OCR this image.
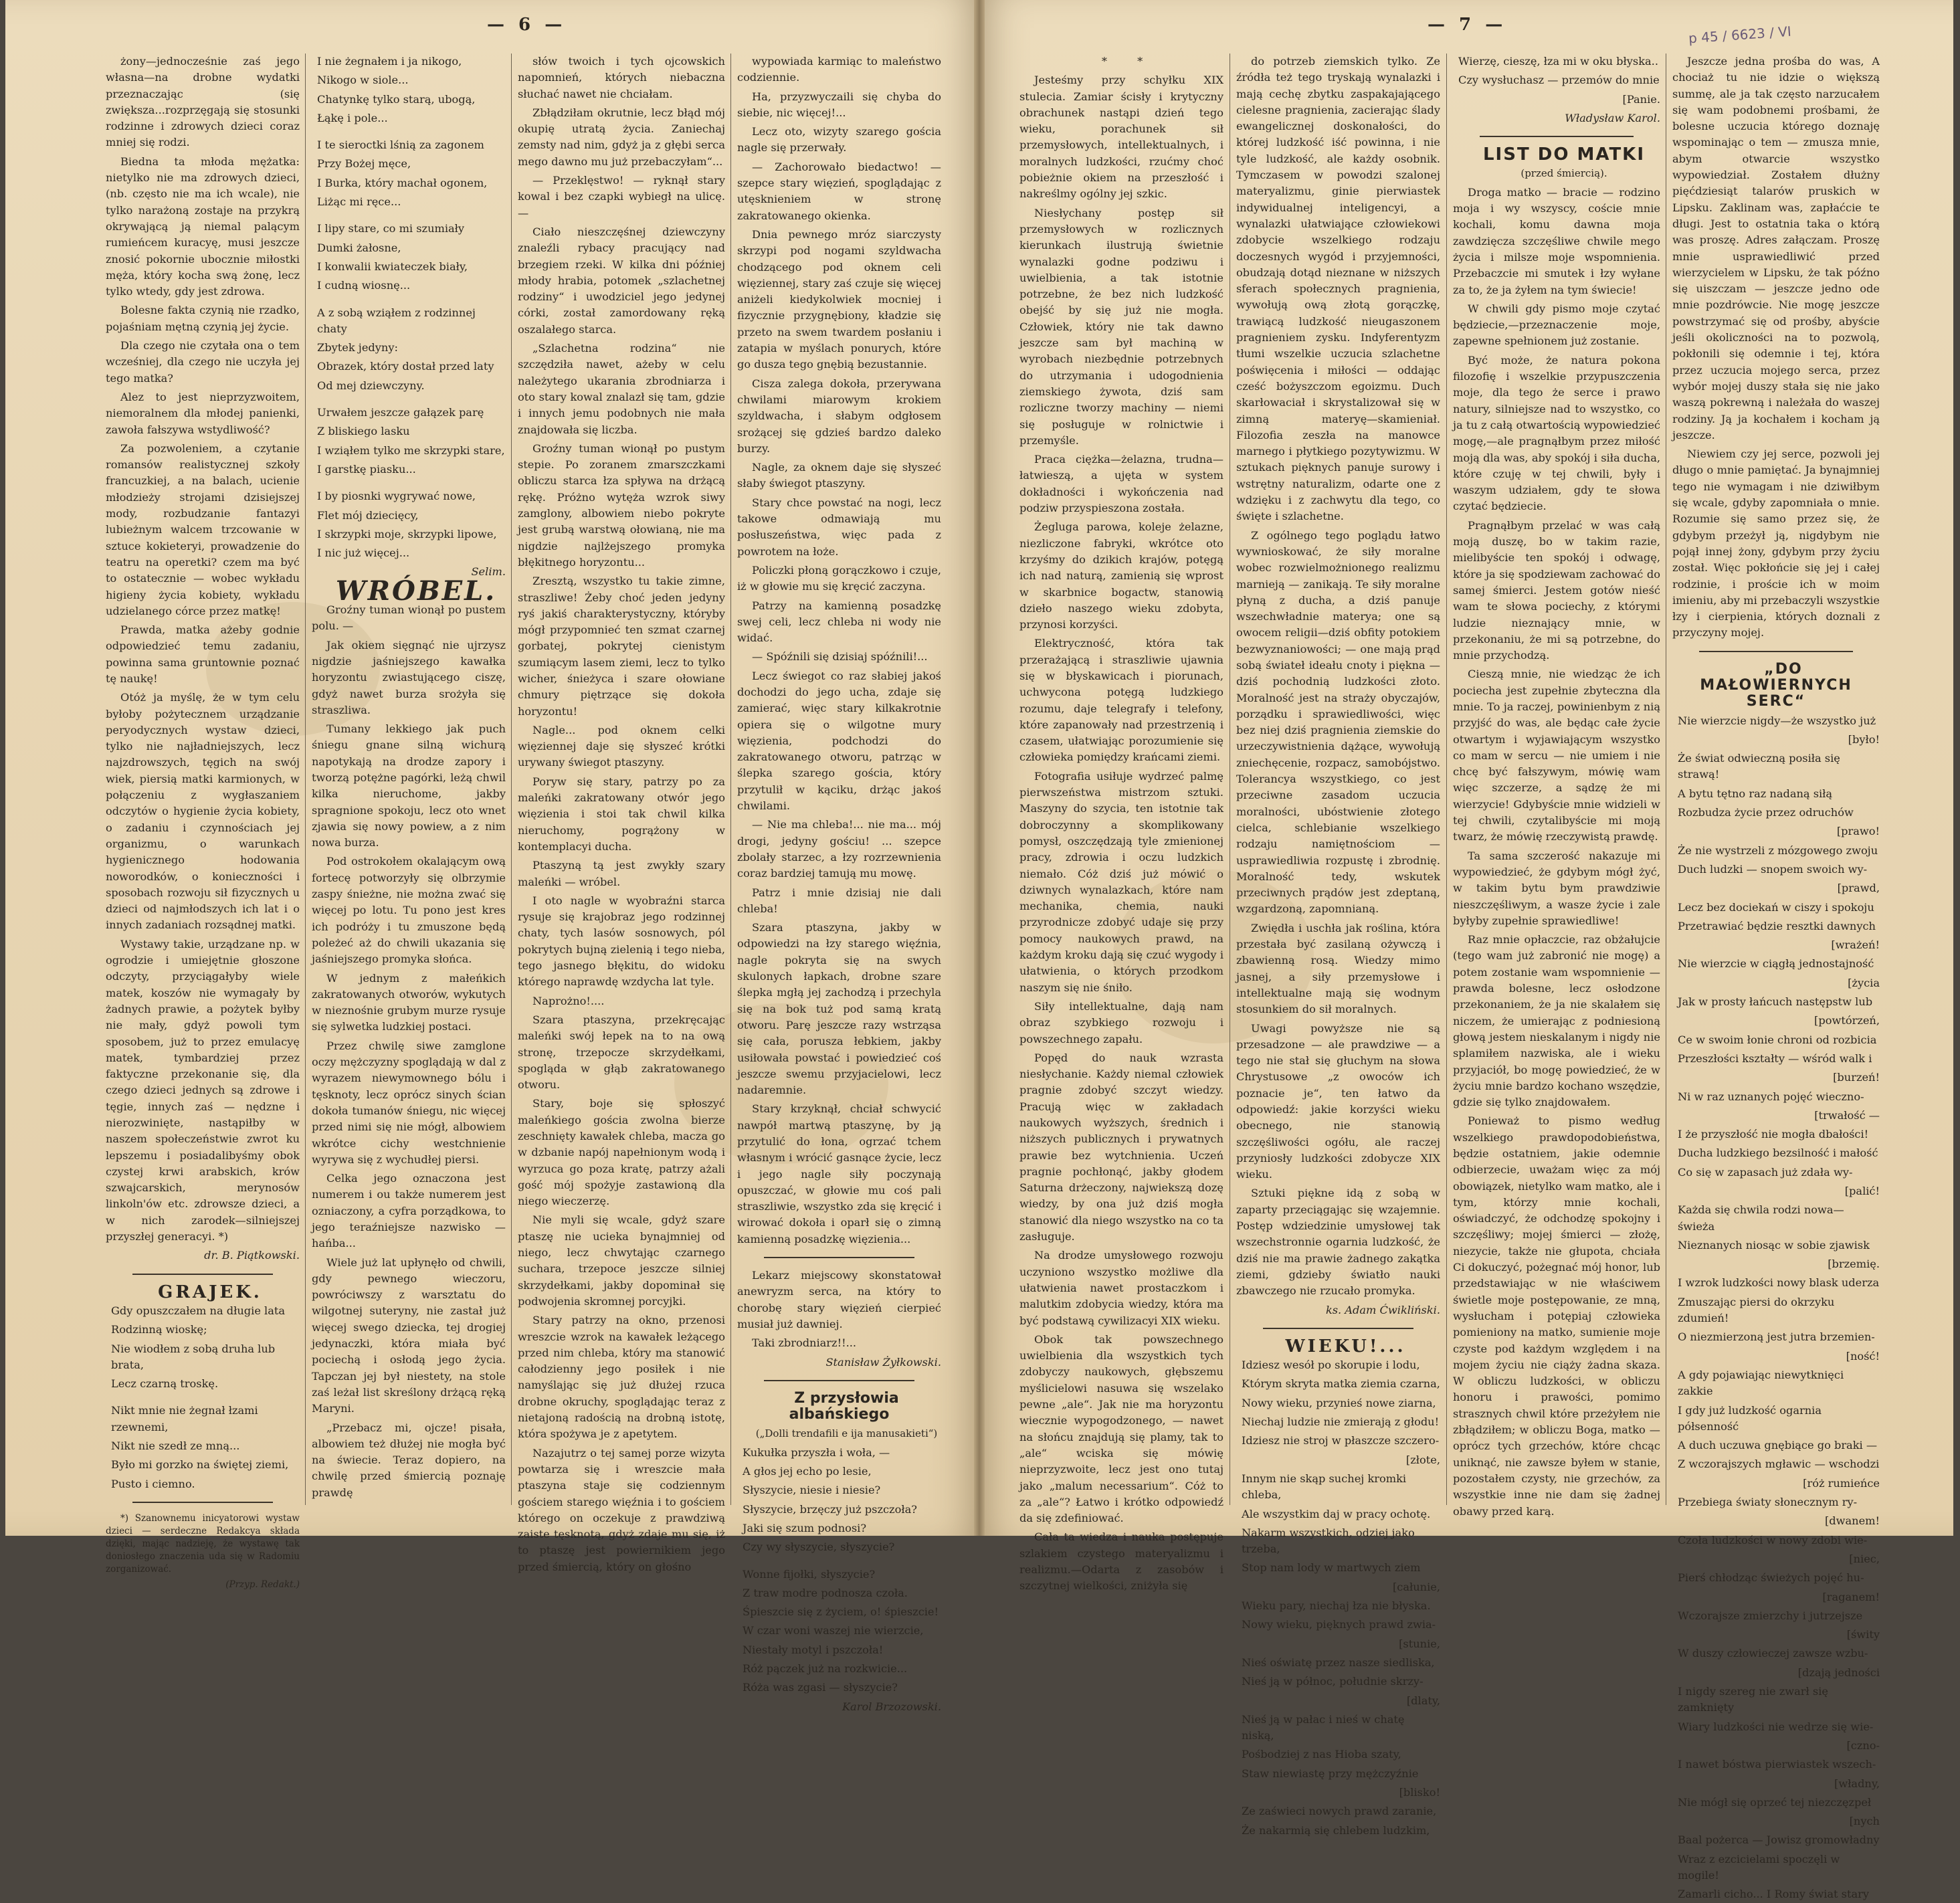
— 6 —

żony—jednocześnie zaś jego własna—na drobne wydatki przeznaczając (się zwiększa...rozprzęgają się stosunki rodzinne i zdrowych dzieci coraz mniej się rodzi.

Biedna ta młoda mężatka: nietylko nie ma zdrowych dzieci, (nb. często nie ma ich wcale), nie tylko narażoną zostaje na przykrą okrywającą ją niemal palącym rumieńcem kuracyę, musi jeszcze znosić pokornie ubocznie miłostki męża, który kocha swą żonę, lecz tylko wtedy, gdy jest zdrowa.

Bolesne fakta czynią nie rzadko, pojaśniam mętną czynią jej życie.

Dla czego nie czytała ona o tem wcześniej, dla czego nie uczyła jej tego matka?

Alez to jest nieprzyzwoitem, niemoralnem dla młodej panienki, zawoła fałszywa wstydliwość?

Za pozwoleniem, a czytanie romansów realistycznej szkoły francuzkiej, a na balach, ucienie młodzieży strojami dzisiejszej mody, rozbudzanie fantazyi lubieżnym walcem trzcowanie w sztuce kokieteryi, prowadzenie do teatru na operetki? czem ma być to ostatecznie — wobec wykładu higieny życia kobiety, wykładu udzielanego córce przez matkę!

Prawda, matka ażeby godnie odpowiedzieć temu zadaniu, powinna sama gruntownie poznać tę naukę!

Otóż ja myślę, że w tym celu byłoby pożytecznem urządzanie peryodycznych wystaw dzieci, tylko nie najładniejszych, lecz najzdrowszych, tęgich na swój wiek, piersią matki karmionych, w połączeniu z wygłaszaniem odczytów o hygienie życia kobiety, o zadaniu i czynnościach jej organizmu, o warunkach hygienicznego hodowania noworodków, o konieczności i sposobach rozwoju sił fizycznych u dzieci od najmłodszych ich lat i o innych zadaniach rozsądnej matki.

Wystawy takie, urządzane np. w ogrodzie i umiejętnie głoszone odczyty, przyciągałyby wiele matek, koszów nie wymagały by żadnych prawie, a pożytek byłby nie mały, gdyż powoli tym sposobem, już to przez emulacyę matek, tymbardziej przez faktyczne przekonanie się, dla czego dzieci jednych są zdrowe i tęgie, innych zaś — nędzne i nierozwinięte, nastąpiłby w naszem społeczeństwie zwrot ku lepszemu i posiadalibyśmy obok czystej krwi arabskich, krów szwajcarskich, merynosów linkoln'ów etc. zdrowsze dzieci, a w nich zarodek—silniejszej przyszłej generacyi. *)

dr. B. Piątkowski.

GRAJEK.

Gdy opuszczałem na długie lata

Rodzinną wioskę;

Nie wiodłem z sobą druha lub brata,

Lecz czarną troskę.

Nikt mnie nie żegnał łzami rzewnemi,

Nikt nie szedł ze mną...

Było mi gorzko na świętej ziemi,

Pusto i ciemno.

*) Szanownemu inicyatorowi wystaw dzieci — serdeczne Redakcya składa dzięki, mając nadzieję, że wystawę tak doniosłego znaczenia uda się w Radomiu zorganizować.

(Przyp. Redakt.)

I nie żegnałem i ja nikogo,

Nikogo w siole...

Chatynkę tylko starą, ubogą,

Łąkę i pole...

I te sieroctki lśnią za zagonem

Przy Bożej męce,

I Burka, który machał ogonem,

Liżąc mi ręce...

I lipy stare, co mi szumiały

Dumki żałosne,

I konwalii kwiateczek biały,

I cudną wiosnę...

A z sobą wziąłem z rodzinnej chaty

Zbytek jedyny:

Obrazek, który dostał przed laty

Od mej dziewczyny.

Urwałem jeszcze gałązek parę

Z bliskiego lasku

I wziąłem tylko me skrzypki stare,

I garstkę piasku...

I by piosnki wygrywać nowe,

Flet mój dziecięcy,

I skrzypki moje, skrzypki lipowe,

I nic już więcej...

Selim.

WRÓBEL.

Groźny tuman wionął po pustem polu. —

Jak okiem sięgnąć nie ujrzysz nigdzie jaśniejszego kawałka horyzontu zwiastującego ciszę, gdyż nawet burza srożyła się straszliwa.

Tumany lekkiego jak puch śniegu gnane silną wichurą napotykają na drodze zapory i tworzą potężne pagórki, leżą chwil kilka nieruchome, jakby spragnione spokoju, lecz oto wnet zjawia się nowy powiew, a z nim nowa burza.

Pod ostrokołem okalającym ową fortecę potworzyły się olbrzymie zaspy śnieżne, nie można zwać się więcej po lotu. Tu pono jest kres ich podróży i tu zmuszone będą poleżeć aż do chwili ukazania się jaśniejszego promyka słońca.

W jednym z małeńkich zakratowanych otworów, wykutych w nieznośnie grubym murze rysuje się sylwetka ludzkiej postaci.

Przez chwilę siwe zamglone oczy mężczyzny spoglądają w dal z wyrazem niewymownego bólu i tęsknoty, lecz oprócz sinych ścian dokoła tumanów śniegu, nic więcej przed nimi się nie mógł, albowiem wkrótce cichy westchnienie wyrywa się z wychudłej piersi.

Celka jego oznaczona jest numerem i ou także numerem jest ozniaczony, a cyfra porządkowa, to jego teraźniejsze nazwisko — hańba...

Wiele już lat upłynęło od chwili, gdy pewnego wieczoru, powróciwszy z warsztatu do wilgotnej suteryny, nie zastał już więcej swego dziecka, tej drogiej jedynaczki, która miała być pociechą i osłodą jego życia. Tapczan jej był niestety, na stole zaś leżał list skreślony drżącą ręką Maryni.

„Przebacz mi, ojcze! pisała, albowiem też dłużej nie mogła być na świecie. Teraz dopiero, na chwilę przed śmiercią poznaję prawdę

słów twoich i tych ojcowskich napomnień, których niebaczna słuchać nawet nie chciałam.

Zbłądziłam okrutnie, lecz błąd mój okupię utratą życia. Zaniechaj zemsty nad nim, gdyż ja z głębi serca mego dawno mu już przebaczyłam“...

— Przeklęstwo! — ryknął stary kowal i bez czapki wybiegł na ulicę. —

Ciało nieszczęśnej dziewczyny znaleźli rybacy pracujący nad brzegiem rzeki. W kilka dni później młody hrabia, potomek „szlachetnej rodziny“ i uwodziciel jego jedynej córki, został zamordowany ręką oszalałego starca.

„Szlachetna rodzina“ nie szczędziła nawet, ażeby w celu należytego ukarania zbrodniarza i oto stary kowal znalazł się tam, gdzie i innych jemu podobnych nie mała znajdowała się liczba.

Groźny tuman wionął po pustym stepie. Po zoranem zmarszczkami obliczu starca łza spływa na drżącą rękę. Próżno wytęża wzrok siwy zamglony, albowiem niebo pokryte jest grubą warstwą ołowianą, nie ma nigdzie najlżejszego promyka błękitnego horyzontu...

Zresztą, wszystko tu takie zimne, straszliwe! Żeby choć jeden jedyny ryś jakiś charakterystyczny, któryby mógł przypomnieć ten szmat czarnej gorbatej, pokrytej cienistym szumiącym lasem ziemi, lecz to tylko wicher, śnieżyca i szare ołowiane chmury piętrzące się dokoła horyzontu!

Nagle... pod oknem celki więziennej daje się słyszeć krótki urywany świegot ptaszyny.

Poryw się stary, patrzy po za maleńki zakratowany otwór jego więzienia i stoi tak chwil kilka nieruchomy, pogrążony w kontemplacyi ducha.

Ptaszyną tą jest zwykły szary maleńki — wróbel.

I oto nagle w wyobraźni starca rysuje się krajobraz jego rodzinnej chaty, tych lasów sosnowych, pól pokrytych bujną zielenią i tego nieba, tego jasnego błękitu, do widoku którego naprawdę wzdycha lat tyle.

Naprożno!....

Szara ptaszyna, przekręcając maleńki swój łepek na to na ową stronę, trzepocze skrzydełkami, spogląda w głąb zakratowanego otworu.

Stary, boje się spłoszyć maleńkiego gościa zwolna bierze zeschnięty kawałek chleba, macza go w dzbanie napój napełnionym wodą i wyrzuca go poza kratę, patrzy ażali gość mój spożyje zastawioną dla niego wieczerzę.

Nie myli się wcale, gdyż szare ptaszę nie ucieka bynajmniej od niego, lecz chwytając czarnego suchara, trzepoce jeszcze silniej skrzydełkami, jakby dopominał się podwojenia skromnej porcyjki.

Stary patrzy na okno, przenosi wreszcie wzrok na kawałek leżącego przed nim chleba, który ma stanowić całodzienny jego posiłek i nie namyślając się już dłużej rzuca drobne okruchy, spoglądając teraz z nietajoną radością na drobną istotę, która spożywa je z apetytem.

Nazajutrz o tej samej porze wizyta powtarza się i wreszcie mała ptaszyna staje się codziennym gościem starego więźnia i to gościem którego on oczekuje z prawdziwą zaiste tęsknotą, gdyż zdaje mu się, iż to ptaszę jest powiernikiem jego przed śmiercią, który on głośno

wypowiada karmiąc to maleństwo codziennie.

Ha, przyzwyczaili się chyba do siebie, nic więcej!...

Lecz oto, wizyty szarego gościa nagle się przerwały.

— Zachorowało biedactwo! — szepce stary więzień, spoglądając z utęsknieniem w stronę zakratowanego okienka.

Dnia pewnego mróz siarczysty skrzypi pod nogami szyldwacha chodzącego pod oknem celi więziennej, stary zaś czuje się więcej aniżeli kiedykolwiek mocniej i fizycznie przygnębiony, kładzie się przeto na swem twardem posłaniu i zatapia w myślach ponurych, które go dusza tego gnębią bezustannie.

Cisza zalega dokoła, przerywana chwilami miarowym krokiem szyldwacha, i słabym odgłosem srożącej się gdzieś bardzo daleko burzy.

Nagle, za oknem daje się słyszeć słaby świegot ptaszyny.

Stary chce powstać na nogi, lecz takowe odmawiają mu posłuszeństwa, więc pada z powrotem na łoże.

Policzki płoną gorączkowo i czuje, iż w głowie mu się kręcić zaczyna.

Patrzy na kamienną posadzkę swej celi, lecz chleba ni wody nie widać.

— Spóźnili się dzisiaj spóźnili!...

Lecz świegot co raz słabiej jakoś dochodzi do jego ucha, zdaje się zamierać, więc stary kilkakrotnie opiera się o wilgotne mury więzienia, podchodzi do zakratowanego otworu, patrząc w ślepka szarego gościa, który przytulił w kąciku, drżąc jakoś chwilami.

— Nie ma chleba!... nie ma... mój drogi, jedyny gościu! ... szepce zbolały starzec, a łzy rozrzewnienia coraz bardziej tamują mu mowę.

Patrz i mnie dzisiaj nie dali chleba!

Szara ptaszyna, jakby w odpowiedzi na łzy starego więźnia, nagle pokryta się na swych skulonych łapkach, drobne szare ślepka mgłą jej zachodzą i przechyla się na bok tuż pod samą kratą otworu. Parę jeszcze razy wstrząsa się cała, porusza łebkiem, jakby usiłowała powstać i powiedzieć coś jeszcze swemu przyjacielowi, lecz nadaremnie.

Stary krzyknął, chciał schwycić nawpół martwą ptaszynę, by ją przytulić do łona, ogrzać tchem własnym i wrócić gasnące życie, lecz i jego nagle siły poczynają opuszczać, w głowie mu coś pali straszliwie, wszystko zda się kręcić i wirować dokoła i oparł się o zimną kamienną posadzkę więzienia...

Lekarz miejscowy skonstatował anewryzm serca, na który to chorobę stary więzień cierpieć musiał już dawniej.

Taki zbrodniarz!!...

Stanisław Żyłkowski.

Z przysłowia albańskiego

(„Dolli trendafili e ija manusakieti“)

Kukułka przyszła i woła, —

A głos jej echo po lesie,

Słyszycie, niesie i niesie?

Słyszycie, brzęczy już pszczoła?

Jaki się szum podnosi?

Czy wy słyszycie, słyszycie?

Wonne fijołki, słyszycie?

Z traw modre podnosza czoła.

Śpieszcie się z życiem, o! śpieszcie!

W czar woni waszej nie wierzcie,

Niestały motyl i pszczoła!

Róż pączek już na rozkwicie...

Róża was zgasi — słyszycie?

Karol Brzozowski.

— 7 —	p 45 / 6623 / VI

* *

Jesteśmy przy schyłku XIX stulecia. Zamiar ścisły i krytyczny obrachunek nastąpi dzień tego wieku, porachunek sił przemysłowych, intellektualnych, i moralnych ludzkości, rzućmy choć pobieżnie okiem na przeszłość i nakreślmy ogólny jej szkic.

Niesłychany postęp sił przemysłowych w rozlicznych kierunkach ilustrują świetnie wynalazki godne podziwu i uwielbienia, a tak istotnie potrzebne, że bez nich ludzkość obejść by się już nie mogła. Człowiek, który nie tak dawno jeszcze sam był machiną w wyrobach niezbędnie potrzebnych do utrzymania i udogodnienia ziemskiego żywota, dziś sam rozliczne tworzy machiny — niemi się posługuje w rolnictwie i przemyśle.

Praca ciężka—żelazna, trudna—łatwieszą, a ujęta w system dokładności i wykończenia nad podziw przyspieszona została.

Żegluga parowa, koleje żelazne, niezliczone fabryki, wkrótce oto krzyśmy do dzikich krajów, potęgą ich nad naturą, zamienią się wprost w skarbnice bogactw, stanowią dzieło naszego wieku zdobyta, przynosi korzyści.

Elektryczność, która tak przerażającą i straszliwie ujawnia się w błyskawicach i piorunach, uchwycona potęgą ludzkiego rozumu, daje telegrafy i telefony, które zapanowały nad przestrzenią i czasem, ułatwiając porozumienie się człowieka pomiędzy krańcami ziemi.

Fotografia usiłuje wydrzeć palmę pierwszeństwa mistrzom sztuki. Maszyny do szycia, ten istotnie tak dobroczynny a skomplikowany pomysł, oszczędzają tyle zmienionej pracy, zdrowia i oczu ludzkich niemało. Cóż dziś już mówić o dziwnych wynalazkach, które nam mechanika, chemia, nauki przyrodnicze zdobyć udaje się przy pomocy naukowych prawd, na każdym kroku dają się czuć wygody i ułatwienia, o których przodkom naszym się nie śniło.

Siły intellektualne, dają nam obraz szybkiego rozwoju i powszechnego zapału.

Popęd do nauk wzrasta niesłychanie. Każdy niemal człowiek pragnie zdobyć szczyt wiedzy. Pracują więc w zakładach naukowych wyższych, średnich i niższych publicznych i prywatnych prawie bez wytchnienia. Uczeń pragnie pochłonąć, jakby głodem Saturna drżeczony, najwiekszą dozę wiedzy, by ona już dziś mogła stanowić dla niego wszystko na co ta zasługuje.

Na drodze umysłowego rozwoju uczyniono wszystko możliwe dla ułatwienia nawet prostaczkom i malutkim zdobycia wiedzy, która ma być podstawą cywilizacyi XIX wieku.

Obok tak powszechnego uwielbienia dla wszystkich tych zdobyczy naukowych, głębszemu myślicielowi nasuwa się wszelako pewne „ale“. Jak nie ma horyzontu wiecznie wypogodzonego, — nawet na słońcu znajdują się plamy, tak to „ale“ wciska się mówię nieprzyzwoite, lecz jest ono tutaj jako „malum necessarium“. Cóż to za „ale“? Łatwo i krótko odpowiedź da się zdefiniować.

Cała ta wiedza i nauka postępuje szlakiem czystego materyalizmu i realizmu.—Odarta z zasobów i szczytnej wielkości, zniżyła się

do potrzeb ziemskich tylko. Ze źródła też tego tryskają wynalazki i mają cechę zbytku zaspakajającego cielesne pragnienia, zacierając ślady ewangelicznej doskonałości, do której ludzkość iść powinna, i nie tyle ludzkość, ale każdy osobnik. Tymczasem w powodzi szalonej materyalizmu, ginie pierwiastek indywidualnej inteligencyi, a wynalazki ułatwiające człowiekowi zdobycie wszelkiego rodzaju doczesnych wygód i przyjemności, obudzają dotąd nieznane w niższych sferach społecznych pragnienia, wywołują ową złotą gorączkę, trawiącą ludzkość nieugaszonem pragnieniem zysku. Indyferentyzm tłumi wszelkie uczucia szlachetne poświęcenia i miłości — oddając cześć bożyszczom egoizmu. Duch skarłowaciał i skrystalizował się w zimną materyę—skamieniał. Filozofia zeszła na manowce marnego i płytkiego pozytywizmu. W sztukach pięknych panuje surowy i wstrętny naturalizm, odarte one z wdzięku i z zachwytu dla tego, co święte i szlachetne.

Z ogólnego tego poglądu łatwo wywnioskować, że siły moralne wobec rozwielmożnionego realizmu marnieją — zanikają. Te siły moralne płyną z ducha, a dziś panuje wszechwładnie materya; one są owocem religii—dziś obfity potokiem bezwyznaniowości; — one mają prąd sobą świateł ideału cnoty i piękna — dziś pochodnią ludzkości złoto. Moralność jest na straży obyczajów, porządku i sprawiedliwości, więc bez niej dziś pragnienia ziemskie do urzeczywistnienia dążące, wywołują zniechęcenie, rozpacz, samobójstwo. Tolerancya wszystkiego, co jest przeciwne zasadom uczucia moralności, ubóstwienie złotego cielca, schlebianie wszelkiego rodzaju namiętnościom — usprawiedliwia rozpustę i zbrodnię. Moralność tedy, wskutek przeciwnych prądów jest zdeptaną, wzgardzoną, zapomnianą.

Zwiędła i uschła jak roślina, która przestała być zasilaną ożywczą i zbawienną rosą. Wiedzy mimo jasnej, a siły przemysłowe i intellektualne mają się wodnym stosunkiem do sił moralnych.

Uwagi powyższe nie są przesadzone — ale prawdziwe — a tego nie stał się głuchym na słowa Chrystusowe „z owoców ich poznacie je“, ten łatwo da odpowiedź: jakie korzyści wieku obecnego, nie stanowią szczęśliwości ogółu, ale raczej przyniosły ludzkości zdobycze XIX wieku.

Sztuki piękne idą z sobą w zaparty przeciągając się wzajemnie. Postęp wdziedzinie umysłowej tak wszechstronnie ogarnia ludzkość, że dziś nie ma prawie żadnego zakątka ziemi, gdzieby światło nauki zbawczego nie rzucało promyka.

ks. Adam Ćwikliński.

WIEKU!...

Idziesz wesół po skorupie i lodu,

Którym skryta matka ziemia czarna,

Nowy wieku, przynieś nowe ziarna,

Niechaj ludzie nie zmierają z głodu!

Idziesz nie stroj w płaszcze szczero-

[złote,

Innym nie skąp suchej kromki chleba,

Ale wszystkim daj w pracy ochotę.

Nakarm wszystkich, odziej jako trzeba,

Stop nam lody w martwych ziem

[całunie,

Wieku pary, niechaj łza nie błyska.

Nowy wieku, pięknych prawd zwia-

[stunie,

Nieś oświatę przez nasze siedliska,

Nieś ją w północ, południe skrzy-

[dlaty,

Nieś ją w pałac i nieś w chatę niską,

Pośbodziej z nas Hioba szaty,

Staw niewiastę przy mężczyźnie

[blisko!

Ze zaświeci nowych prawd zaranie,

Że nakarmią się chlebem ludzkim,

Wierzę, cieszę, łza mi w oku błyska..

Czy wysłuchasz — przemów do mnie

[Panie.

Władysław Karol.

LIST DO MATKI

(przed śmiercią).

Droga matko — bracie — rodzino moja i wy wszyscy, coście mnie kochali, komu dawna moja zawdzięcza szczęśliwe chwile mego życia i milsze moje wspomnienia. Przebaczcie mi smutek i łzy wyłane za to, że ja żyłem na tym świecie!

W chwili gdy pismo moje czytać będziecie,—przeznaczenie moje, zapewne spełnionem już zostanie.

Być może, że natura pokona filozofię i wszelkie przypuszczenia moje, dla tego że serce i prawo natury, silniejsze nad to wszystko, co ja tu z całą otwartością wypowiedzieć mogę,—ale pragnąłbym przez miłość moją dla was, aby spokój i siła ducha, które czuję w tej chwili, były i waszym udziałem, gdy te słowa czytać będziecie.

Pragnąłbym przelać w was całą moją duszę, bo w takim razie, mielibyście ten spokój i odwagę, które ja się spodziewam zachować do samej śmierci. Jestem gotów nieść wam te słowa pociechy, z którymi ludzie nieznający mnie, w przekonaniu, że mi są potrzebne, do mnie przychodzą.

Cieszą mnie, nie wiedząc że ich pociecha jest zupełnie zbyteczna dla mnie. To ja raczej, powinienbym z nią przyjść do was, ale będąc całe życie otwartym i wyjawiającym wszystko co mam w sercu — nie umiem i nie chcę być fałszywym, mówię wam więc szczerze, a sądzę że mi wierzycie! Gdybyście mnie widzieli w tej chwili, czytalibyście mi moją twarz, że mówię rzeczywistą prawdę.

Ta sama szczerość nakazuje mi wypowiedzieć, że gdybym mógł żyć, w takim bytu bym prawdziwie nieszczęśliwym, a wasze życie i zale byłyby zupełnie sprawiedliwe!

Raz mnie opłaczcie, raz obżałujcie (tego wam już zabronić nie mogę) a potem zostanie wam wspomnienie — prawda bolesne, lecz osłodzone przekonaniem, że ja nie skalałem się niczem, że umierając z podniesioną głową jestem nieskalanym i nigdy nie splamiłem nazwiska, ale i wieku przyjaciół, bo mogę powiedzieć, że w życiu mnie bardzo kochano wszędzie, gdzie się tylko znajdowałem.

Ponieważ to pismo według wszelkiego prawdopodobieństwa, będzie ostatniem, jakie odemnie odbierzecie, uważam więc za mój obowiązek, nietylko wam matko, ale i tym, którzy mnie kochali, oświadczyć, że odchodzę spokojny i szczęśliwy; mojej śmierci — złożę, niezycie, także nie głupota, chciała Ci dokuczyć, pożegnać mój honor, lub przedstawiając w nie właściwem świetle moje postępowanie, ze mną, wysłucham i potępiaj człowieka pomieniony na matko, sumienie moje czyste pod każdym względem i na mojem życiu nie ciąży żadna skaza. W obliczu ludzkości, w obliczu honoru i prawości, pomimo strasznych chwil które przeżyłem nie zbłądziłem; w obliczu Boga, matko — oprócz tych grzechów, które chcąc uniknąć, nie zawsze byłem w stanie, pozostałem czysty, nie grzechów, za wszystkie inne nie dam się żadnej obawy przed karą.

Jeszcze jedna prośba do was, A chociaż tu nie idzie o większą summę, ale ja tak często narzucałem się wam podobnemi prośbami, że bolesne uczucia którego doznaję wspominając o tem — zmusza mnie, abym otwarcie wszystko wypowiedział. Zostałem dłużny pięćdziesiąt talarów pruskich w Lipsku. Zaklinam was, zapłaćcie te długi. Jest to ostatnia taka o którą was proszę. Adres załączam. Proszę mnie usprawiedliwić przed wierzycielem w Lipsku, że tak późno się uiszczam — jeszcze jedno ode mnie pozdrówcie. Nie mogę jeszcze powstrzymać się od prośby, abyście jeśli okoliczności na to pozwolą, pokłonili się odemnie i tej, która przez uczucia mojego serca, przez wybór mojej duszy stała się nie jako waszą pokrewną i należała do waszej rodziny. Ją ja kochałem i kocham ją jeszcze.

Niewiem czy jej serce, pozwoli jej długo o mnie pamiętać. Ja bynajmniej tego nie wymagam i nie dziwiłbym się wcale, gdyby zapomniała o mnie. Rozumie się samo przez się, że gdybym przeżył ją, nigdybym nie pojął innej żony, gdybym przy życiu został. Więc pokłońcie się jej i całej rodzinie, i proście ich w moim imieniu, aby mi przebaczyli wszystkie łzy i cierpienia, których doznali z przyczyny mojej.

„DO MAŁOWIERNYCH SERC“

Nie wierzcie nigdy—że wszystko już

[było!

Że świat odwieczną posiła się strawą!

A bytu tętno raz nadaną siłą

Rozbudza życie przez odruchów

[prawo!

Że nie wystrzeli z mózgowego zwoju

Duch ludzki — snopem swoich wy-

[prawd,

Lecz bez dociekań w ciszy i spokoju

Przetrawiać będzie resztki dawnych

[wrażeń!

Nie wierzcie w ciągłą jednostajność

[życia

Jak w prosty łańcuch następstw lub

[powtórzeń,

Ce w swoim łonie chroni od rozbicia

Przeszłości kształty — wśród walk i

[burzeń!

Ni w raz uznanych pojęć wieczno-

[trwałość —

I że przyszłość nie mogła dbałości!

Ducha ludzkiego bezsilność i małość

Co się w zapasach już zdała wy-

[palić!

Każda się chwila rodzi nowa—świeża

Nieznanych niosąc w sobie zjawisk

[brzemię.

I wzrok ludzkości nowy blask uderza

Zmuszając piersi do okrzyku zdumień!

O niezmierzoną jest jutra brzemien-

[ność!

A gdy pojawiając niewytknięci zakkie

I gdy już ludzkość ogarnia półsenność

A duch uczuwa gnębiące go braki —

Z wczorajszych mgławic — wschodzi

[róż rumieńce

Przebiega światy słonecznym ry-

[dwanem!

Czoła ludzkości w nowy zdobi wie-

[niec,

Pierś chłodząc świeżych pojęć hu-

[raganem!

Wczorajsze zmierzchy i jutrzejsze

[świty

W duszy człowieczej zawsze wzbu-

[dzają jedności

I nigdy szereg nie zwarł się zamknięty

Wiary ludzkości nie wedrze się wie-

[czno-

I nawet bóstwa pierwiastek wszech-

[władny,

Nie mógł się oprzeć tej niezczęzpeł

[nych

Baal pożerca — Jowisz gromowładny

Wraz z ezcicielami spoczęli w mogile!

Zamarli cicho... I Romy świat stary
